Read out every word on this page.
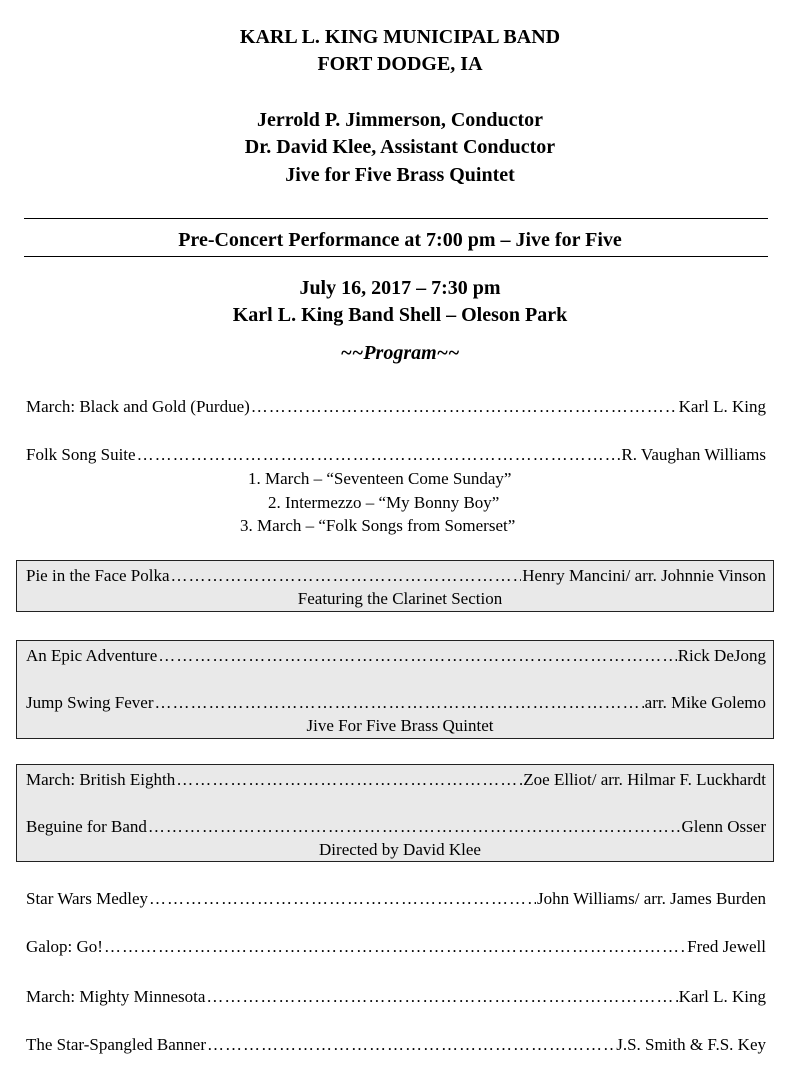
KARL L. KING MUNICIPAL BAND
FORT DODGE, IA
Jerrold P. Jimmerson, Conductor
Dr. David Klee, Assistant Conductor
Jive for Five Brass Quintet
Pre-Concert Performance at 7:00 pm – Jive for Five
July 16, 2017 – 7:30 pm
Karl L. King Band Shell – Oleson Park
~~Program~~
March: Black and Gold (Purdue) ………………………………………………………………………………………………………………………………………………………………	Karl L. King
Folk Song Suite ………………………………………………………………………………………………………………………………………………………………	R. Vaughan Williams
1. March – “Seventeen Come Sunday”
2. Intermezzo – “My Bonny Boy”
3. March – “Folk Songs from Somerset”
Pie in the Face Polka ………………………………………………………………………………………………………………………………………………………………	Henry Mancini/ arr. Johnnie Vinson
Featuring the Clarinet Section
An Epic Adventure ………………………………………………………………………………………………………………………………………………………………	Rick DeJong
Jump Swing Fever ………………………………………………………………………………………………………………………………………………………………	arr. Mike Golemo
Jive For Five Brass Quintet
March: British Eighth ………………………………………………………………………………………………………………………………………………………………	Zoe Elliot/ arr. Hilmar F. Luckhardt
Beguine for Band ………………………………………………………………………………………………………………………………………………………………	Glenn Osser
Directed by David Klee
Star Wars Medley ………………………………………………………………………………………………………………………………………………………………	John Williams/ arr. James Burden
Galop: Go! ………………………………………………………………………………………………………………………………………………………………	Fred Jewell
March: Mighty Minnesota ………………………………………………………………………………………………………………………………………………………………	Karl L. King
The Star-Spangled Banner ………………………………………………………………………………………………………………………………………………………………	J.S. Smith & F.S. Key
